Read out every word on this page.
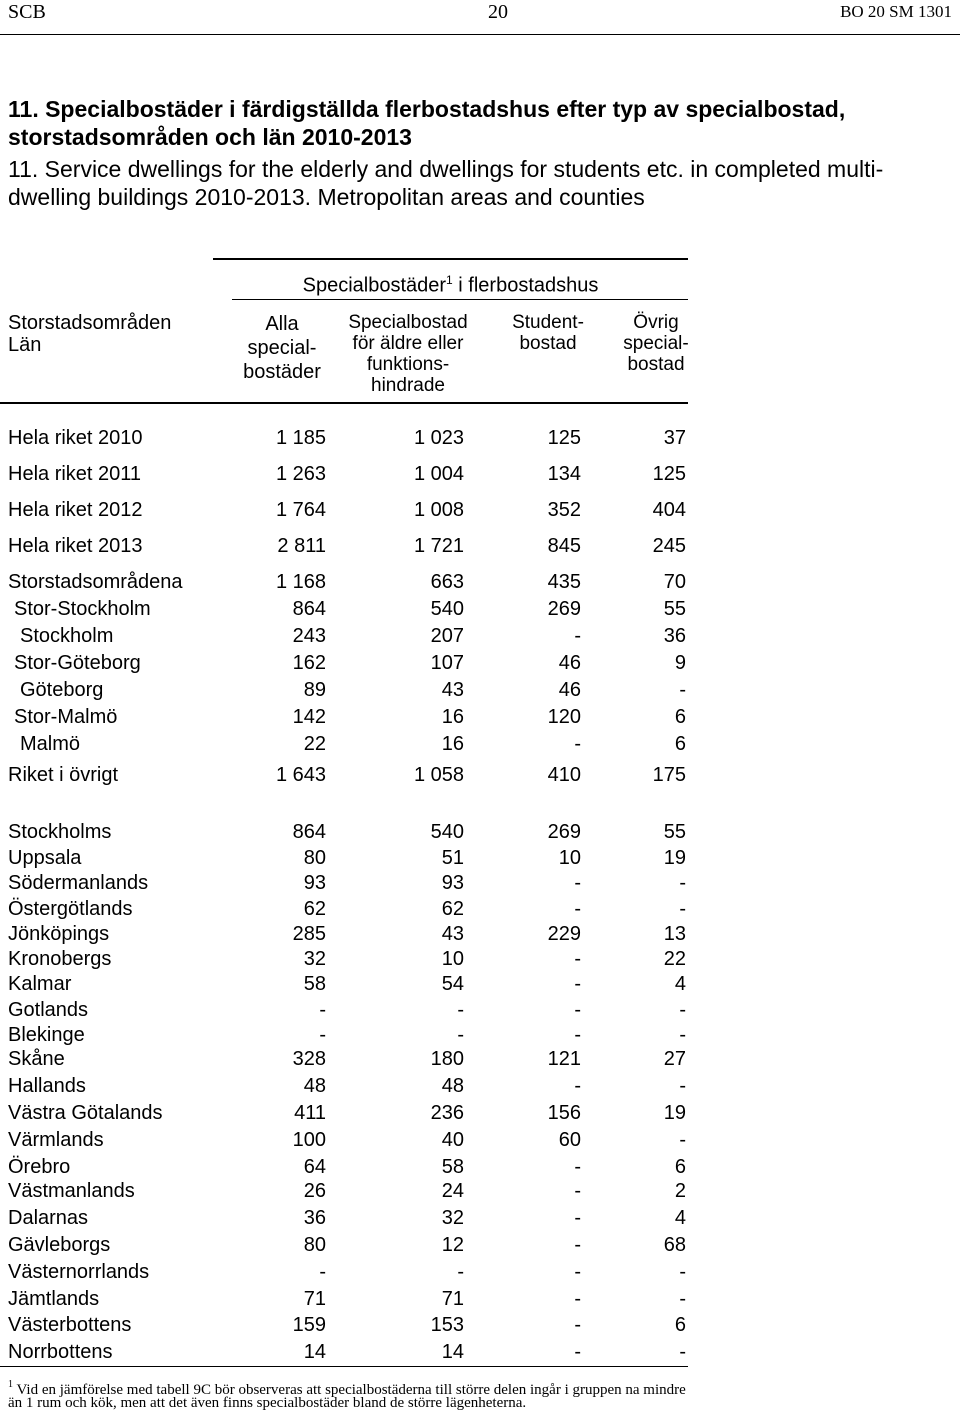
SCB	20	BO 20 SM 1301
11. Specialbostäder i färdigställda flerbostadshus efter typ av specialbostad,
storstadsområden och län 2010-2013
11. Service dwellings for the elderly and dwellings for students etc. in completed multi-
dwelling buildings 2010-2013. Metropolitan areas and counties
Specialbostäder$^1$ i flerbostadshus
Storstadsområden
Län
Alla
special-
bostäder
Specialbostad
för äldre eller
funktions-
hindrade
Student-
bostad
Övrig
special-
bostad
Hela riket 2010	1 185	1 023	125	37
Hela riket 2011	1 263	1 004	134	125
Hela riket 2012	1 764	1 008	352	404
Hela riket 2013	2 811	1 721	845	245
Storstadsområdena	1 168	663	435	70
Stor-Stockholm	864	540	269	55
Stockholm	243	207	-	36
Stor-Göteborg	162	107	46	9
Göteborg	89	43	46	-
Stor-Malmö	142	16	120	6
Malmö	22	16	-	6
Riket i övrigt	1 643	1 058	410	175
Stockholms	864	540	269	55
Uppsala	80	51	10	19
Södermanlands	93	93	-	-
Östergötlands	62	62	-	-
Jönköpings	285	43	229	13
Kronobergs	32	10	-	22
Kalmar	58	54	-	4
Gotlands	-	-	-	-
Blekinge	-	-	-	-
Skåne	328	180	121	27
Hallands	48	48	-	-
Västra Götalands	411	236	156	19
Värmlands	100	40	60	-
Örebro	64	58	-	6
Västmanlands	26	24	-	2
Dalarnas	36	32	-	4
Gävleborgs	80	12	-	68
Västernorrlands	-	-	-	-
Jämtlands	71	71	-	-
Västerbottens	159	153	-	6
Norrbottens	14	14	-	-
$^1$ Vid en jämförelse med tabell 9C bör observeras att specialbostäderna till större delen ingår i gruppen na mindre
än 1 rum och kök, men att det även finns specialbostäder bland de större lägenheterna.
